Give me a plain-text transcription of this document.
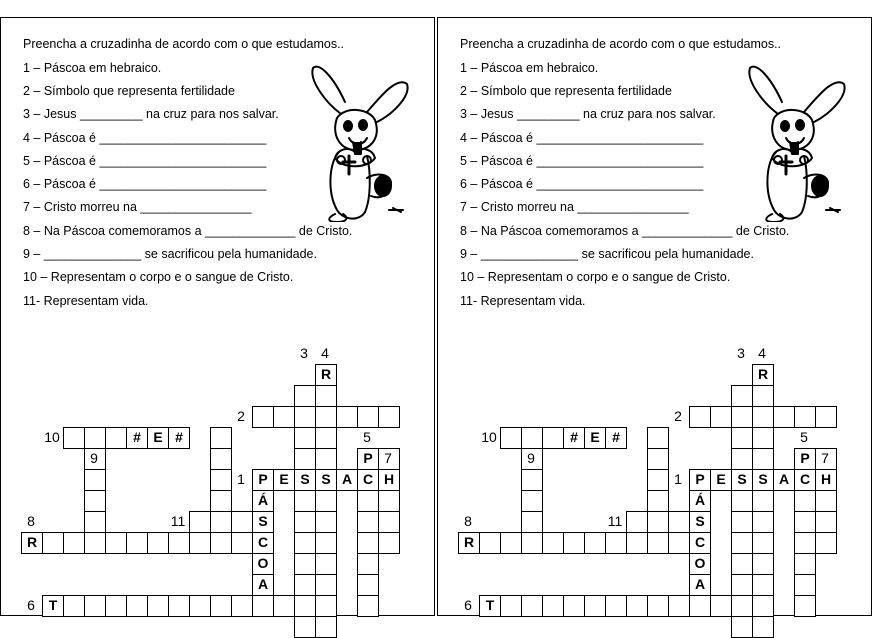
Preencha a cruzadinha de acordo com o que estudamos..
1 – Páscoa em hebraico.
2 – Símbolo que representa fertilidade
3 – Jesus _________ na cruz para nos salvar.
4 – Páscoa é ________________________
5 – Páscoa é ________________________
6 – Páscoa é ________________________
7 – Cristo morreu na ________________
8 – Na Páscoa comemoramos a _____________ de Cristo.
9 – ______________ se sacrificou pela humanidade.
10 – Representam o corpo e o sangue de Cristo.
11- Representam vida.
R
# E #
P
R
T
P E S S A C H
Á
S
C
O
A
1
2
3 4
5
6
7
8
9
10
11
Preencha a cruzadinha de acordo com o que estudamos..
1 – Páscoa em hebraico.
2 – Símbolo que representa fertilidade
3 – Jesus _________ na cruz para nos salvar.
4 – Páscoa é ________________________
5 – Páscoa é ________________________
6 – Páscoa é ________________________
7 – Cristo morreu na ________________
8 – Na Páscoa comemoramos a _____________ de Cristo.
9 – ______________ se sacrificou pela humanidade.
10 – Representam o corpo e o sangue de Cristo.
11- Representam vida.
R
# E #
P
R
T
P E S S A C H
Á
S
C
O
A
1
2
3 4
5
6
7
8
9
10
11
